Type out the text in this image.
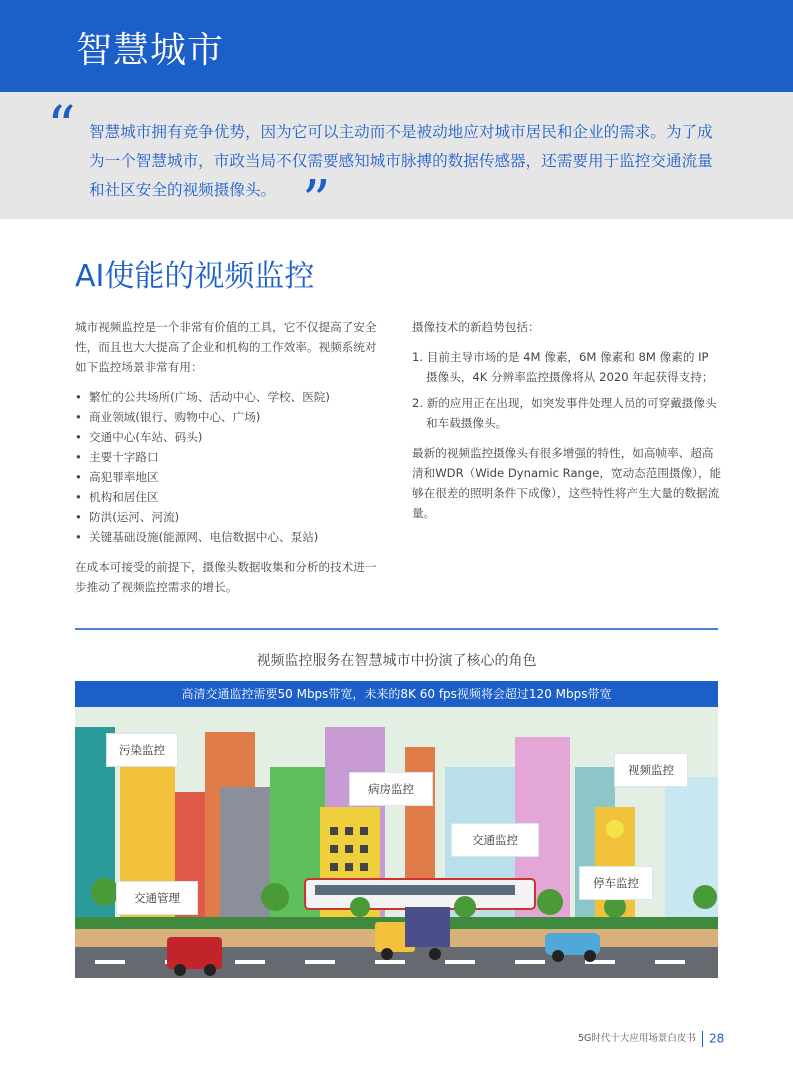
智慧城市
“ 智慧城市拥有竞争优势，因为它可以主动而不是被动地应对城市居民和企业的需求。为了成为一个智慧城市，市政当局不仅需要感知城市脉搏的数据传感器，还需要用于监控交通流量和社区安全的视频摄像头。 ”
AI使能的视频监控

城市视频监控是一个非常有价值的工具，它不仅提高了安全性，而且也大大提高了企业和机构的工作效率。视频系统对如下监控场景非常有用：

• 繁忙的公共场所(广场、活动中心、学校、医院)
• 商业领域(银行、购物中心、广场)
• 交通中心(车站、码头)
• 主要十字路口
• 高犯罪率地区
• 机构和居住区
• 防洪(运河、河流)
• 关键基础设施(能源网、电信数据中心、泵站)

在成本可接受的前提下，摄像头数据收集和分析的技术进一步推动了视频监控需求的增长。

摄像技术的新趋势包括：

1. 目前主导市场的是 4M 像素，6M 像素和 8M 像素的 IP 摄像头，4K 分辨率监控摄像将从 2020 年起获得支持；
2. 新的应用正在出现，如突发事件处理人员的可穿戴摄像头和车载摄像头。

最新的视频监控摄像头有很多增强的特性，如高帧率、超高清和WDR（Wide Dynamic Range，宽动态范围摄像），能够在很差的照明条件下成像），这些特性将产生大量的数据流量。

视频监控服务在智慧城市中扮演了核心的角色
高清交通监控需要50 Mbps带宽，未来的8K 60 fps视频将会超过120 Mbps带宽
污染监控
病房监控
视频监控
交通监控
交通管理
停车监控
5G时代十大应用场景白皮书 28
